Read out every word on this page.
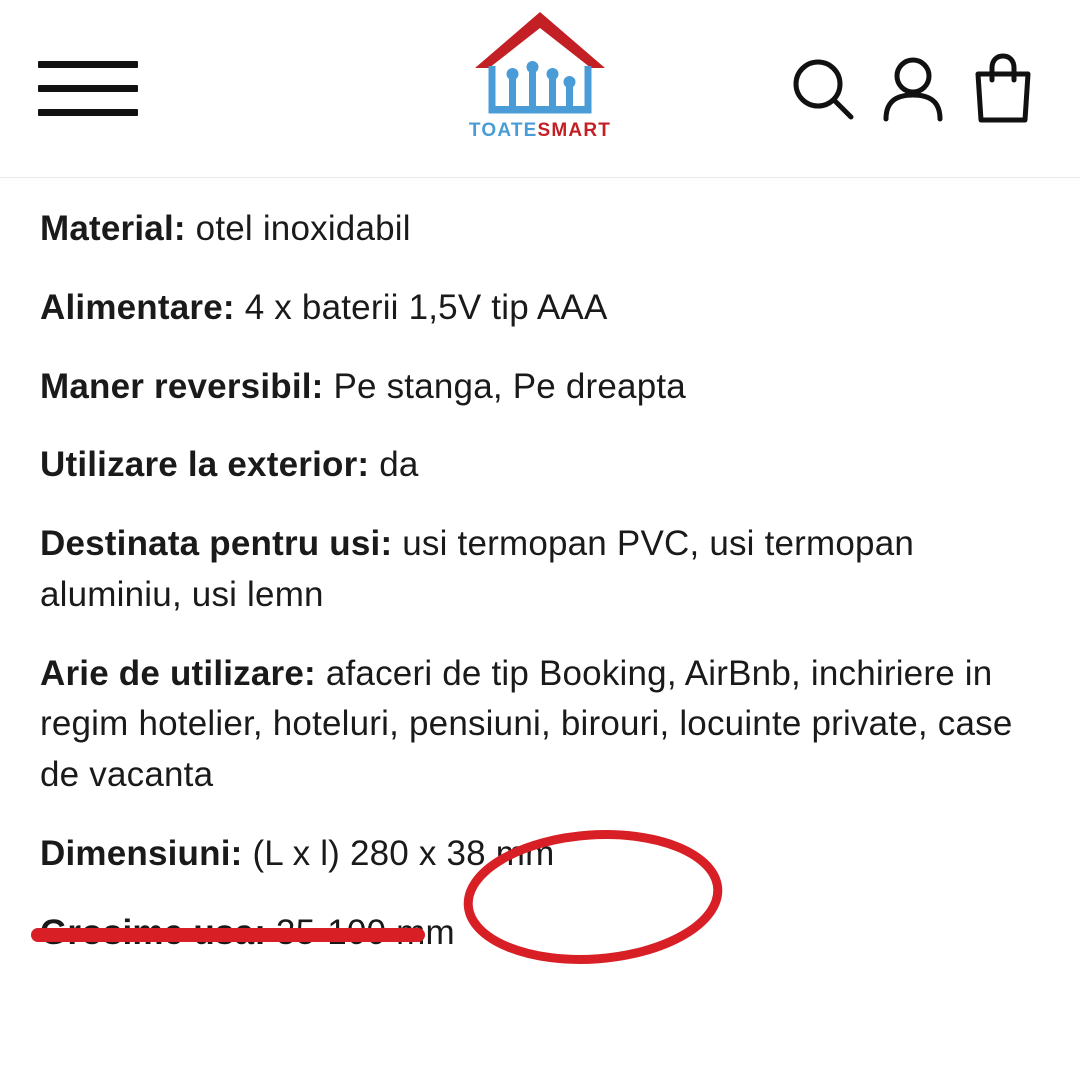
TOATESMART

Material: otel inoxidabil

Alimentare: 4 x baterii 1,5V tip AAA

Maner reversibil: Pe stanga, Pe dreapta

Utilizare la exterior: da

Destinata pentru usi: usi termopan PVC, usi termopan aluminiu, usi lemn

Arie de utilizare: afaceri de tip Booking, AirBnb, inchiriere in regim hotelier, hoteluri, pensiuni, birouri, locuinte private, case de vacanta

Dimensiuni: (L x l) 280 x 38 mm

Grosime usa: 35-100 mm
